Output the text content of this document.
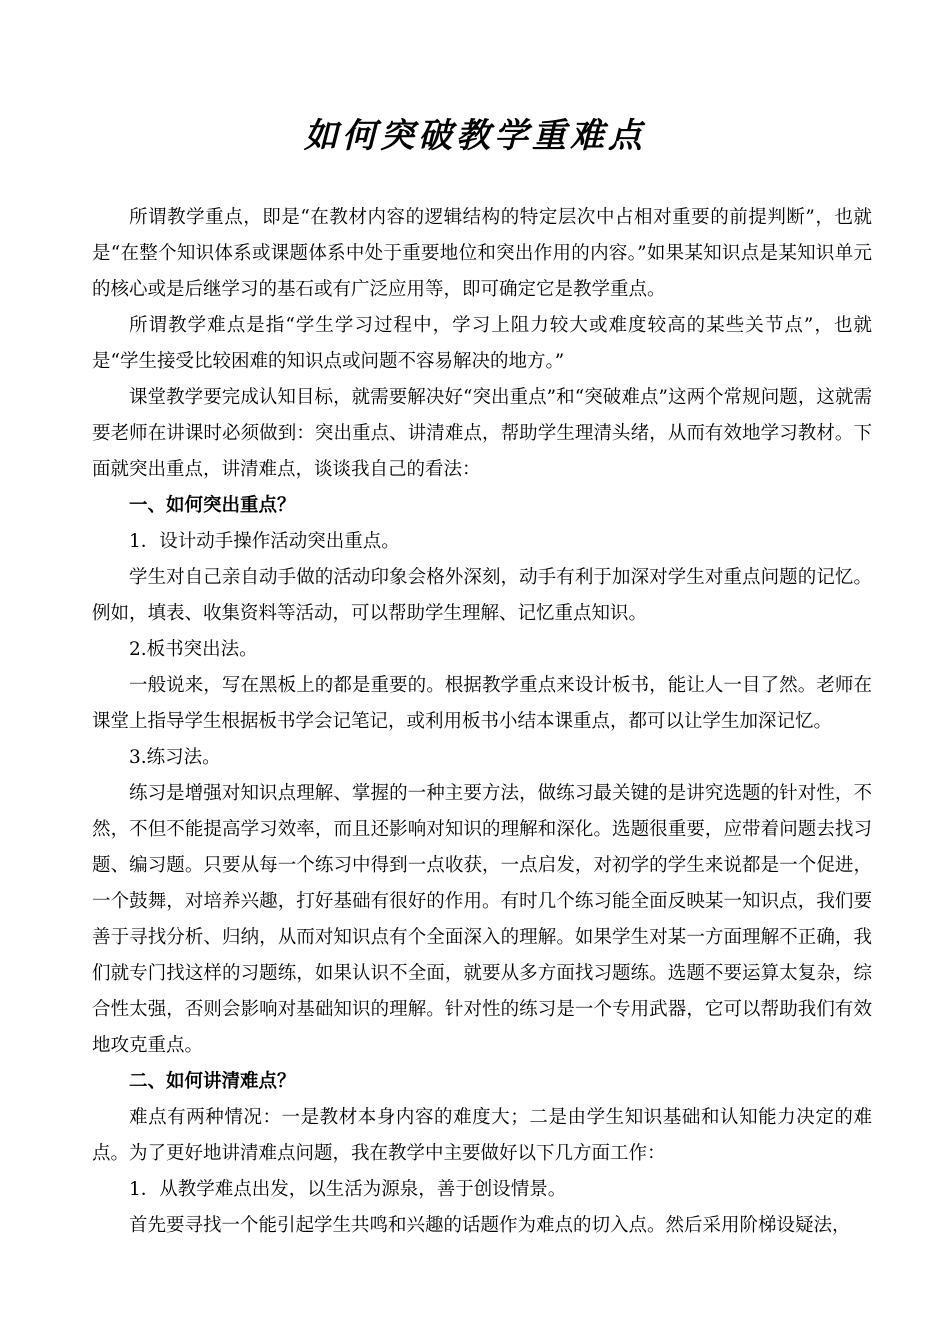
如何突破教学重难点

所谓教学重点，即是“在教材内容的逻辑结构的特定层次中占相对重要的前提判断”，也就是“在整个知识体系或课题体系中处于重要地位和突出作用的内容。”如果某知识点是某知识单元的核心或是后继学习的基石或有广泛应用等，即可确定它是教学重点。

所谓教学难点是指“学生学习过程中，学习上阻力较大或难度较高的某些关节点”，也就是“学生接受比较困难的知识点或问题不容易解决的地方。”

课堂教学要完成认知目标，就需要解决好“突出重点”和“突破难点”这两个常规问题，这就需要老师在讲课时必须做到：突出重点、讲清难点，帮助学生理清头绪，从而有效地学习教材。下面就突出重点，讲清难点，谈谈我自己的看法：

一、如何突出重点？

1．设计动手操作活动突出重点。

学生对自己亲自动手做的活动印象会格外深刻，动手有利于加深对学生对重点问题的记忆。例如，填表、收集资料等活动，可以帮助学生理解、记忆重点知识。

2.板书突出法。

一般说来，写在黑板上的都是重要的。根据教学重点来设计板书，能让人一目了然。老师在课堂上指导学生根据板书学会记笔记，或利用板书小结本课重点，都可以让学生加深记忆。

3.练习法。

练习是增强对知识点理解、掌握的一种主要方法，做练习最关键的是讲究选题的针对性，不然，不但不能提高学习效率，而且还影响对知识的理解和深化。选题很重要，应带着问题去找习题、编习题。只要从每一个练习中得到一点收获，一点启发，对初学的学生来说都是一个促进，一个鼓舞，对培养兴趣，打好基础有很好的作用。有时几个练习能全面反映某一知识点，我们要善于寻找分析、归纳，从而对知识点有个全面深入的理解。如果学生对某一方面理解不正确，我们就专门找这样的习题练，如果认识不全面，就要从多方面找习题练。选题不要运算太复杂，综合性太强，否则会影响对基础知识的理解。针对性的练习是一个专用武器，它可以帮助我们有效地攻克重点。

二、如何讲清难点？

难点有两种情况：一是教材本身内容的难度大；二是由学生知识基础和认知能力决定的难点。为了更好地讲清难点问题，我在教学中主要做好以下几方面工作：

1．从教学难点出发，以生活为源泉，善于创设情景。

首先要寻找一个能引起学生共鸣和兴趣的话题作为难点的切入点。然后采用阶梯设疑法，
